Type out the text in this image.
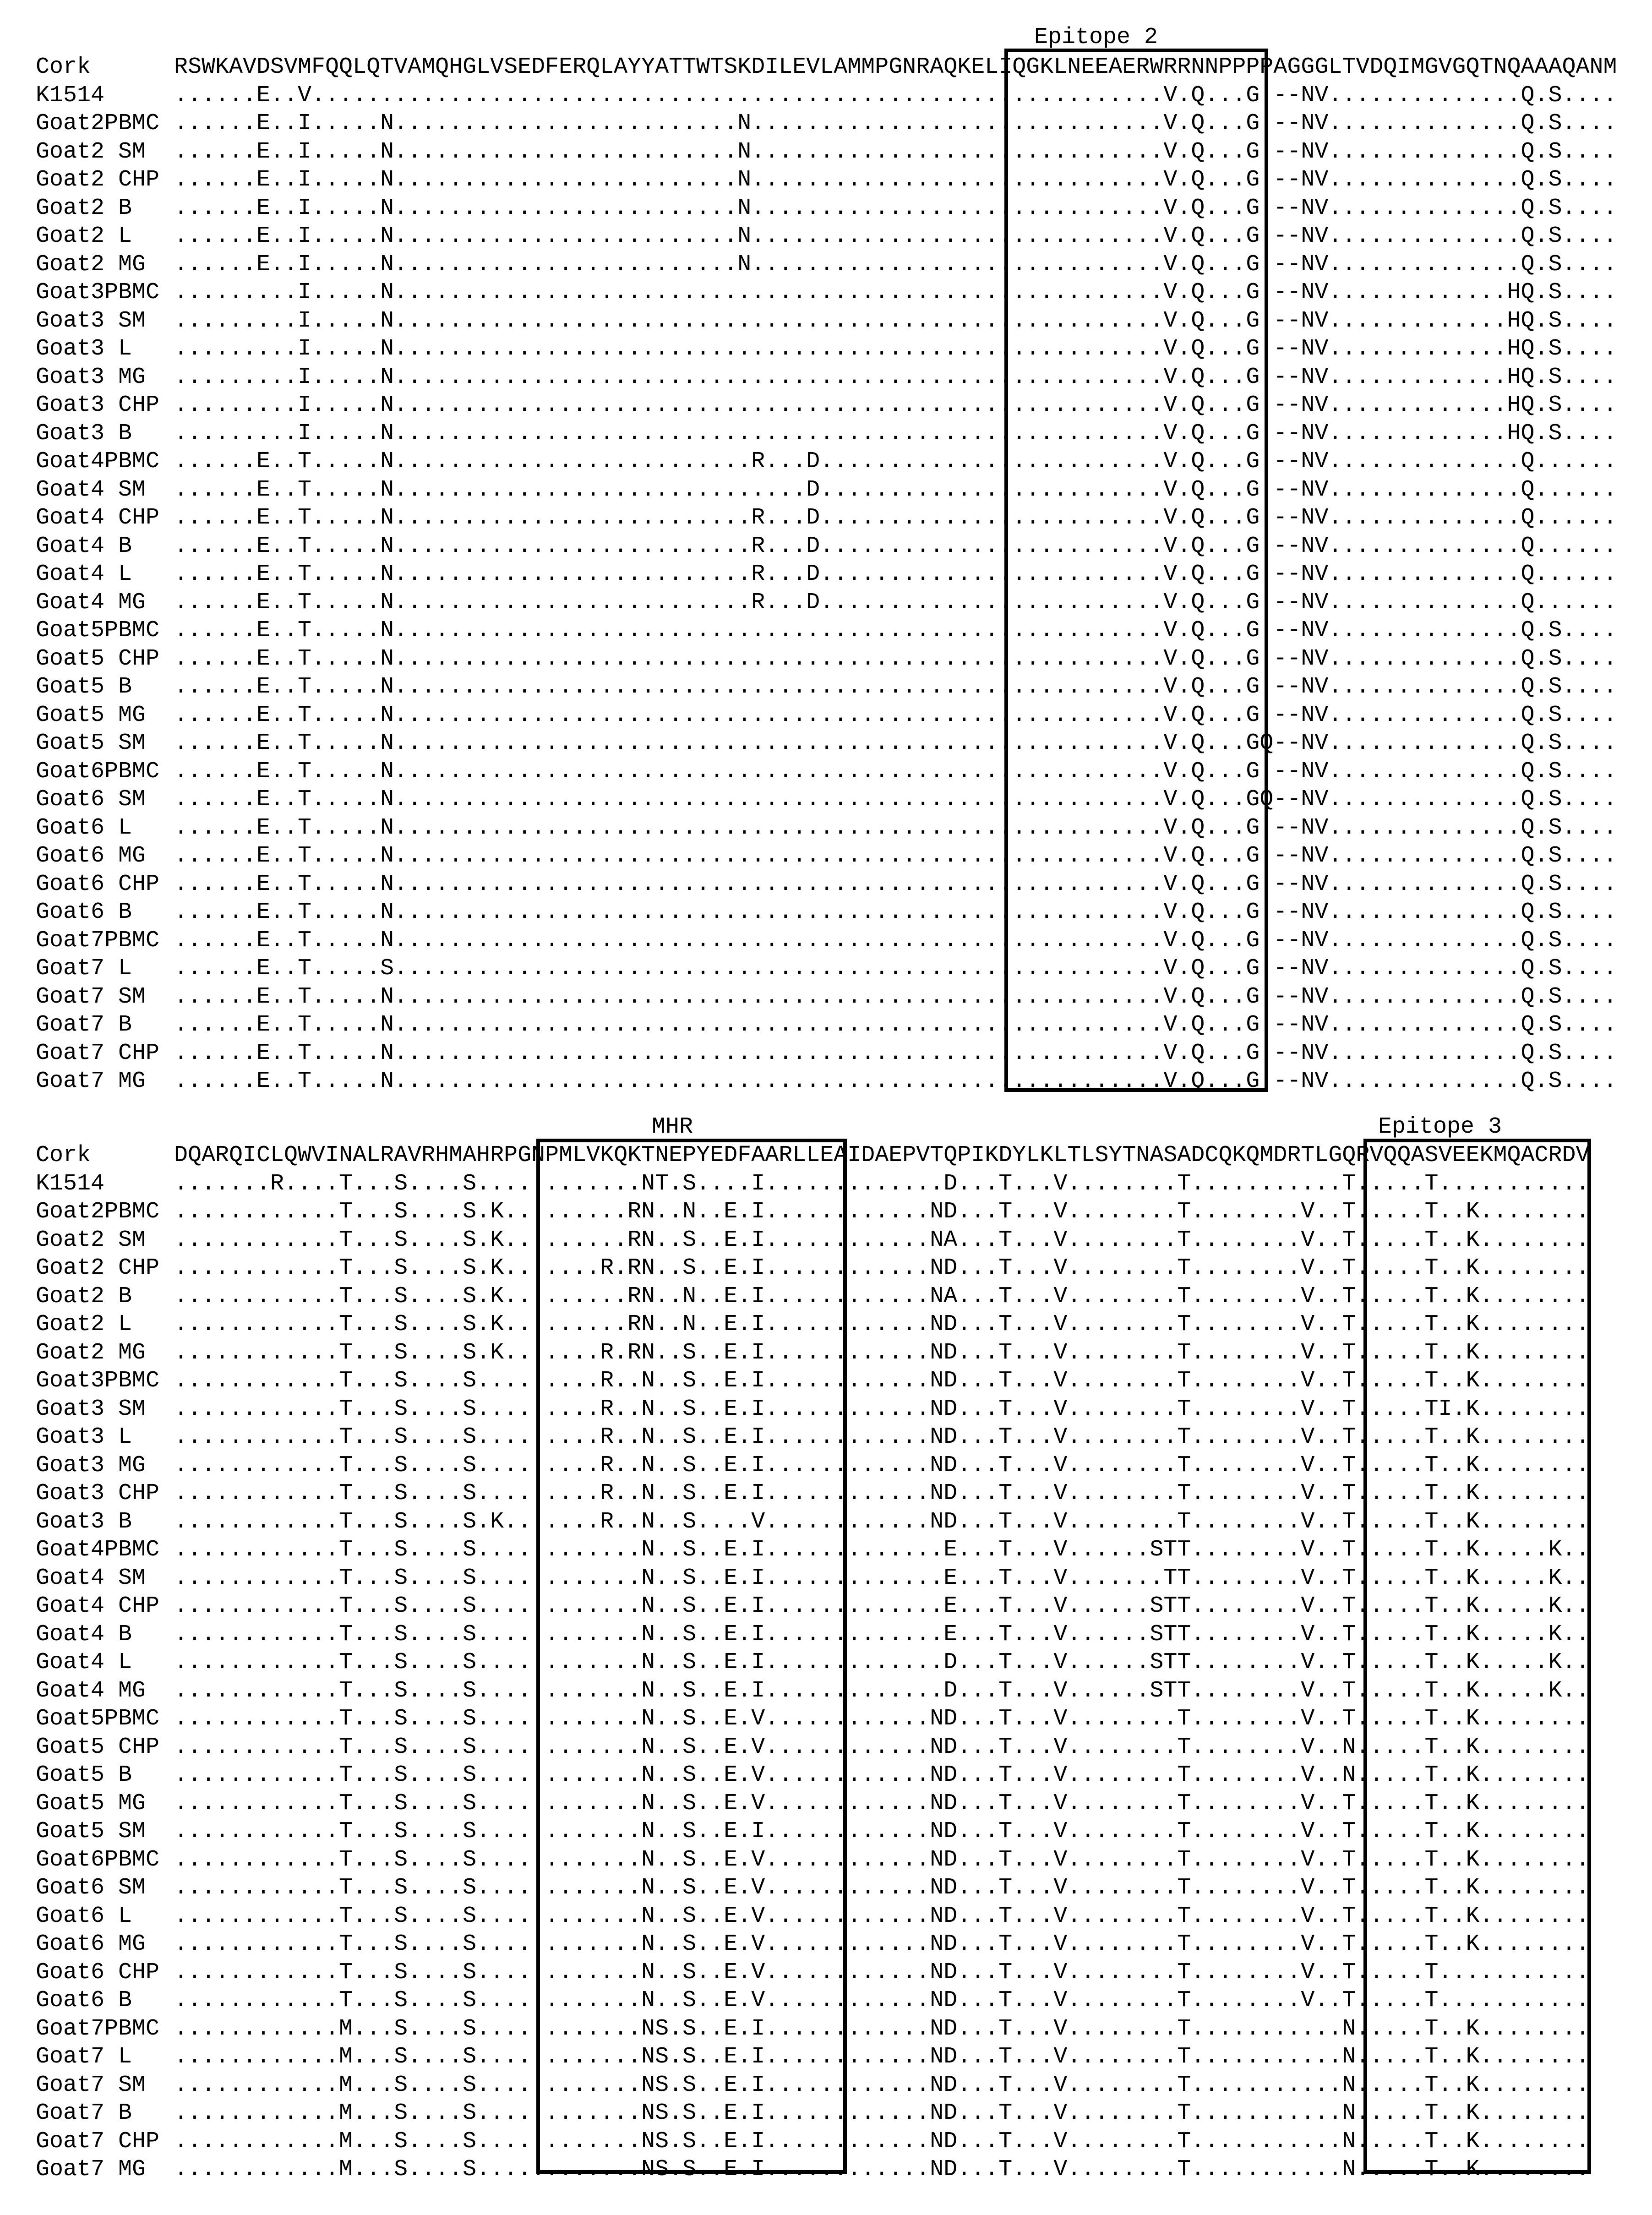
Cork	RSWKAVDSVMFQQLQTVAMQHGLVSEDFERQLAYYATTWTSKDILEVLAMMPGNRAQKELIQGKLNEEAERWRRNNPPPPAGGGLTVDQIMGVGQTNQAAAQANM
K1514	......E..V..............................................................V.Q...G --NV..............Q.S....
Goat2PBMC ......E..I.....N.........................N..............................V.Q...G --NV..............Q.S....
Goat2 SM ......E..I.....N.........................N..............................V.Q...G --NV..............Q.S....
Goat2 CHP ......E..I.....N.........................N..............................V.Q...G --NV..............Q.S....
Goat2 B ......E..I.....N.........................N..............................V.Q...G --NV..............Q.S....
Goat2 L ......E..I.....N.........................N..............................V.Q...G --NV..............Q.S....
Goat2 MG ......E..I.....N.........................N..............................V.Q...G --NV..............Q.S....
Goat3PBMC .........I.....N........................................................V.Q...G --NV.............HQ.S....
Goat3 SM .........I.....N........................................................V.Q...G --NV.............HQ.S....
Goat3 L .........I.....N........................................................V.Q...G --NV.............HQ.S....
Goat3 MG .........I.....N........................................................V.Q...G --NV.............HQ.S....
Goat3 CHP .........I.....N........................................................V.Q...G --NV.............HQ.S....
Goat3 B .........I.....N........................................................V.Q...G --NV.............HQ.S....
Goat4PBMC ......E..T.....N..........................R...D.........................V.Q...G --NV..............Q......
Goat4 SM ......E..T.....N..............................D.........................V.Q...G --NV..............Q......
Goat4 CHP ......E..T.....N..........................R...D.........................V.Q...G --NV..............Q......
Goat4 B ......E..T.....N..........................R...D.........................V.Q...G --NV..............Q......
Goat4 L ......E..T.....N..........................R...D.........................V.Q...G --NV..............Q......
Goat4 MG ......E..T.....N..........................R...D.........................V.Q...G --NV..............Q......
Goat5PBMC ......E..T.....N........................................................V.Q...G --NV..............Q.S....
Goat5 CHP ......E..T.....N........................................................V.Q...G --NV..............Q.S....
Goat5 B ......E..T.....N........................................................V.Q...G --NV..............Q.S....
Goat5 MG ......E..T.....N........................................................V.Q...G --NV..............Q.S....
Goat5 SM ......E..T.....N........................................................V.Q...GQ--NV..............Q.S....
Goat6PBMC ......E..T.....N........................................................V.Q...G --NV..............Q.S....
Goat6 SM ......E..T.....N........................................................V.Q...GQ--NV..............Q.S....
Goat6 L ......E..T.....N........................................................V.Q...G --NV..............Q.S....
Goat6 MG ......E..T.....N........................................................V.Q...G --NV..............Q.S....
Goat6 CHP ......E..T.....N........................................................V.Q...G --NV..............Q.S....
Goat6 B ......E..T.....N........................................................V.Q...G --NV..............Q.S....
Goat7PBMC ......E..T.....N........................................................V.Q...G --NV..............Q.S....
Goat7 L ......E..T.....S........................................................V.Q...G --NV..............Q.S....
Goat7 SM ......E..T.....N........................................................V.Q...G --NV..............Q.S....
Goat7 B ......E..T.....N........................................................V.Q...G --NV..............Q.S....
Goat7 CHP ......E..T.....N........................................................V.Q...G --NV..............Q.S....
Goat7 MG ......E..T.....N........................................................V.Q...G --NV..............Q.S....
Cork	DQARQICLQWVINALRAVRHMAHRPGNPMLVKQKTNEPYEDFAARLLEAIDAEPVTQPIKDYLKLTLSYTNASADCQKQMDRTLGQRVQQASVEEKMQACRDV
K1514	.......R....T...S....S............NT.S....I.............D...T...V........T...........T.....T...........
Goat2PBMC ............T...S....S.K.........RN..N..E.I............ND...T...V........T........V..T.....T..K........
Goat2 SM ............T...S....S.K.........RN..S..E.I............NA...T...V........T........V..T.....T..K........
Goat2 CHP ............T...S....S.K.......R.RN..S..E.I............ND...T...V........T........V..T.....T..K........
Goat2 B ............T...S....S.K.........RN..N..E.I............NA...T...V........T........V..T.....T..K........
Goat2 L ............T...S....S.K.........RN..N..E.I............ND...T...V........T........V..T.....T..K........
Goat2 MG ............T...S....S.K.......R.RN..S..E.I............ND...T...V........T........V..T.....T..K........
Goat3PBMC ............T...S....S.........R..N..S..E.I............ND...T...V........T........V..T.....T..K........
Goat3 SM ............T...S....S.........R..N..S..E.I............ND...T...V........T........V..T.....TI.K........
Goat3 L ............T...S....S.........R..N..S..E.I............ND...T...V........T........V..T.....T..K........
Goat3 MG ............T...S....S.........R..N..S..E.I............ND...T...V........T........V..T.....T..K........
Goat3 CHP ............T...S....S.........R..N..S..E.I............ND...T...V........T........V..T.....T..K........
Goat3 B ............T...S....S.K.......R..N..S....V............ND...T...V........T........V..T.....T..K........
Goat4PBMC ............T...S....S............N..S..E.I.............E...T...V......STT........V..T.....T..K.....K..
Goat4 SM ............T...S....S............N..S..E.I.............E...T...V.......TT........V..T.....T..K.....K..
Goat4 CHP ............T...S....S............N..S..E.I.............E...T...V......STT........V..T.....T..K.....K..
Goat4 B ............T...S....S............N..S..E.I.............E...T...V......STT........V..T.....T..K.....K..
Goat4 L ............T...S....S............N..S..E.I.............D...T...V......STT........V..T.....T..K.....K..
Goat4 MG ............T...S....S............N..S..E.I.............D...T...V......STT........V..T.....T..K.....K..
Goat5PBMC ............T...S....S............N..S..E.V............ND...T...V........T........V..T.....T..K........
Goat5 CHP ............T...S....S............N..S..E.V............ND...T...V........T........V..N.....T..K........
Goat5 B ............T...S....S............N..S..E.V............ND...T...V........T........V..N.....T..K........
Goat5 MG ............T...S....S............N..S..E.V............ND...T...V........T........V..T.....T..K........
Goat5 SM ............T...S....S............N..S..E.I............ND...T...V........T........V..T.....T..K........
Goat6PBMC ............T...S....S............N..S..E.V............ND...T...V........T........V..T.....T..K........
Goat6 SM ............T...S....S............N..S..E.V............ND...T...V........T........V..T.....T..K........
Goat6 L ............T...S....S............N..S..E.V............ND...T...V........T........V..T.....T..K........
Goat6 MG ............T...S....S............N..S..E.V............ND...T...V........T........V..T.....T..K........
Goat6 CHP ............T...S....S............N..S..E.V............ND...T...V........T........V..T.....T...........
Goat6 B ............T...S....S............N..S..E.V............ND...T...V........T........V..T.....T...........
Goat7PBMC ............M...S....S............NS.S..E.I............ND...T...V........T...........N.....T..K........
Goat7 L ............M...S....S............NS.S..E.I............ND...T...V........T...........N.....T..K........
Goat7 SM ............M...S....S............NS.S..E.I............ND...T...V........T...........N.....T..K........
Goat7 B ............M...S....S............NS.S..E.I............ND...T...V........T...........N.....T..K........
Goat7 CHP ............M...S....S............NS.S..E.I............ND...T...V........T...........N.....T..K........
Goat7 MG ............M...S....S............NS.S..E.I............ND...T...V........T...........N.....T..K........
Epitope 2
MHR	Epitope 3
